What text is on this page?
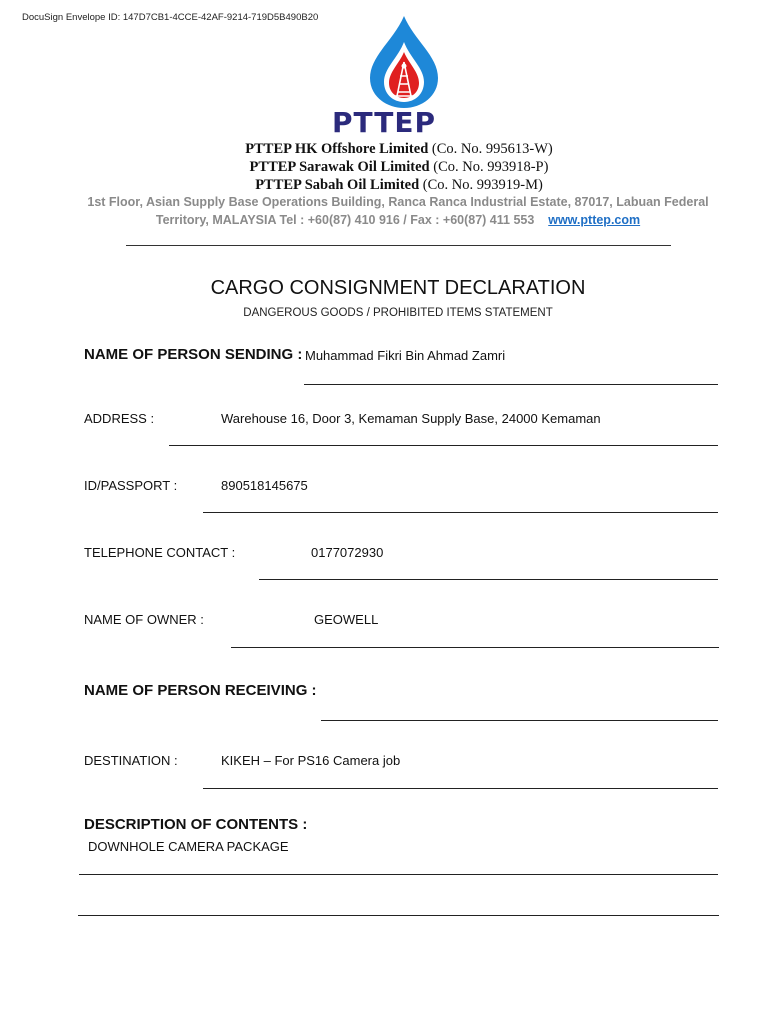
DocuSign Envelope ID: 147D7CB1-4CCE-42AF-9214-719D5B490B20
PTTEP
PTTEP HK Offshore Limited (Co. No. 995613-W)
PTTEP Sarawak Oil Limited (Co. No. 993918-P)
PTTEP Sabah Oil Limited (Co. No. 993919-M)
1st Floor, Asian Supply Base Operations Building, Ranca Ranca Industrial Estate, 87017, Labuan Federal
Territory, MALAYSIA Tel : +60(87) 410 916 / Fax : +60(87) 411 553 www.pttep.com
CARGO CONSIGNMENT DECLARATION
DANGEROUS GOODS / PROHIBITED ITEMS STATEMENT
NAME OF PERSON SENDING : Muhammad Fikri Bin Ahmad Zamri
ADDRESS :	Warehouse 16, Door 3, Kemaman Supply Base, 24000 Kemaman
ID/PASSPORT :	890518145675
TELEPHONE CONTACT :	0177072930
NAME OF OWNER :	GEOWELL
NAME OF PERSON RECEIVING :
DESTINATION :	KIKEH – For PS16 Camera job
DESCRIPTION OF CONTENTS :
DOWNHOLE CAMERA PACKAGE
